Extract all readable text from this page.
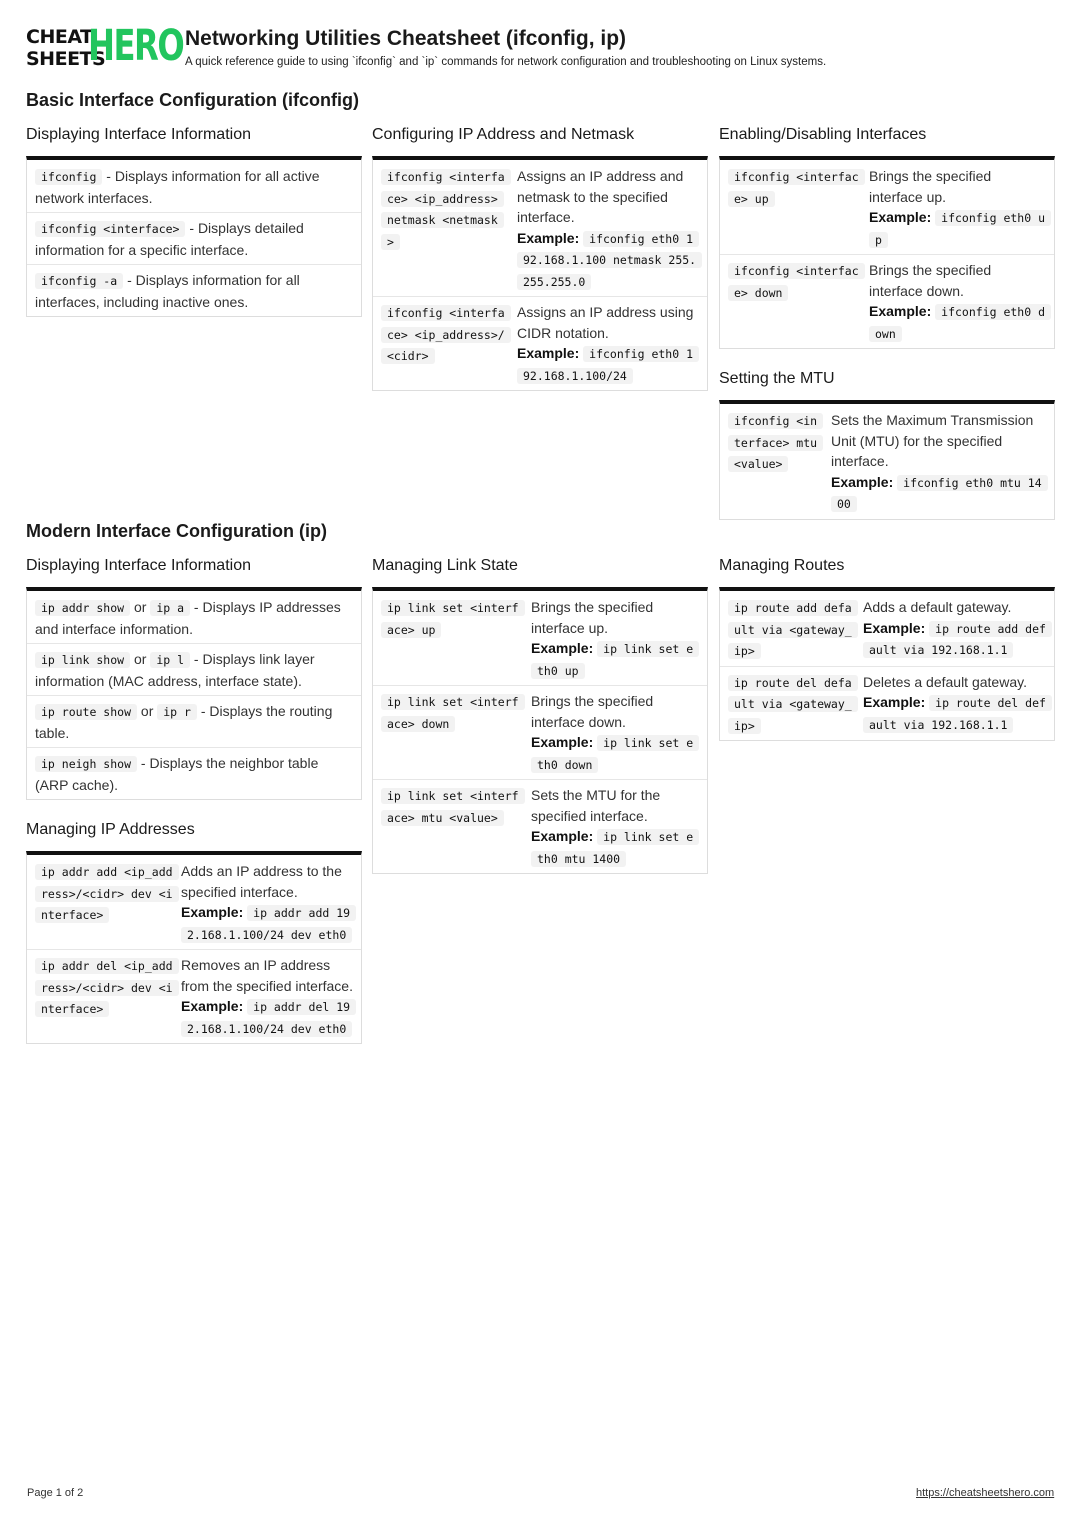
CHEAT
SHEETS
HERO Networking Utilities Cheatsheet (ifconfig, ip)
A quick reference guide to using `ifconfig` and `ip` commands for network configuration and troubleshooting on Linux systems.
Basic Interface Configuration (ifconfig)
Displaying Interface Information
ifconfig - Displays information for all active network interfaces.
ifconfig <interface> - Displays detailed information for a specific interface.
ifconfig -a - Displays information for all interfaces, including inactive ones.
Configuring IP Address and Netmask
ifconfig <interface> <ip_address> netmask <netmask>
Assigns an IP address and netmask to the specified interface.
Example: ifconfig eth0 192.168.1.100 netmask 255.255.255.0
ifconfig <interface> <ip_address>/<cidr>
Assigns an IP address using CIDR notation.
Example: ifconfig eth0 192.168.1.100/24
Enabling/Disabling Interfaces
ifconfig <interface> up
Brings the specified interface up.
Example: ifconfig eth0 up
ifconfig <interface> down
Brings the specified interface down.
Example: ifconfig eth0 down
Setting the MTU
ifconfig <interface> mtu <value>
Sets the Maximum Transmission Unit (MTU) for the specified interface.
Example: ifconfig eth0 mtu 1400
Modern Interface Configuration (ip)
Displaying Interface Information
ip addr show or ip a - Displays IP addresses and interface information.
ip link show or ip l - Displays link layer information (MAC address, interface state).
ip route show or ip r - Displays the routing table.
ip neigh show - Displays the neighbor table (ARP cache).
Managing IP Addresses
ip addr add <ip_address>/<cidr> dev <interface>
Adds an IP address to the specified interface.
Example: ip addr add 192.168.1.100/24 dev eth0
ip addr del <ip_address>/<cidr> dev <interface>
Removes an IP address from the specified interface.
Example: ip addr del 192.168.1.100/24 dev eth0
Managing Link State
ip link set <interface> up
Brings the specified interface up.
Example: ip link set eth0 up
ip link set <interface> down
Brings the specified interface down.
Example: ip link set eth0 down
ip link set <interface> mtu <value>
Sets the MTU for the specified interface.
Example: ip link set eth0 mtu 1400
Managing Routes
ip route add default via <gateway_ip>
Adds a default gateway.
Example: ip route add default via 192.168.1.1
ip route del default via <gateway_ip>
Deletes a default gateway.
Example: ip route del default via 192.168.1.1
Page 1 of 2	https://cheatsheetshero.com
